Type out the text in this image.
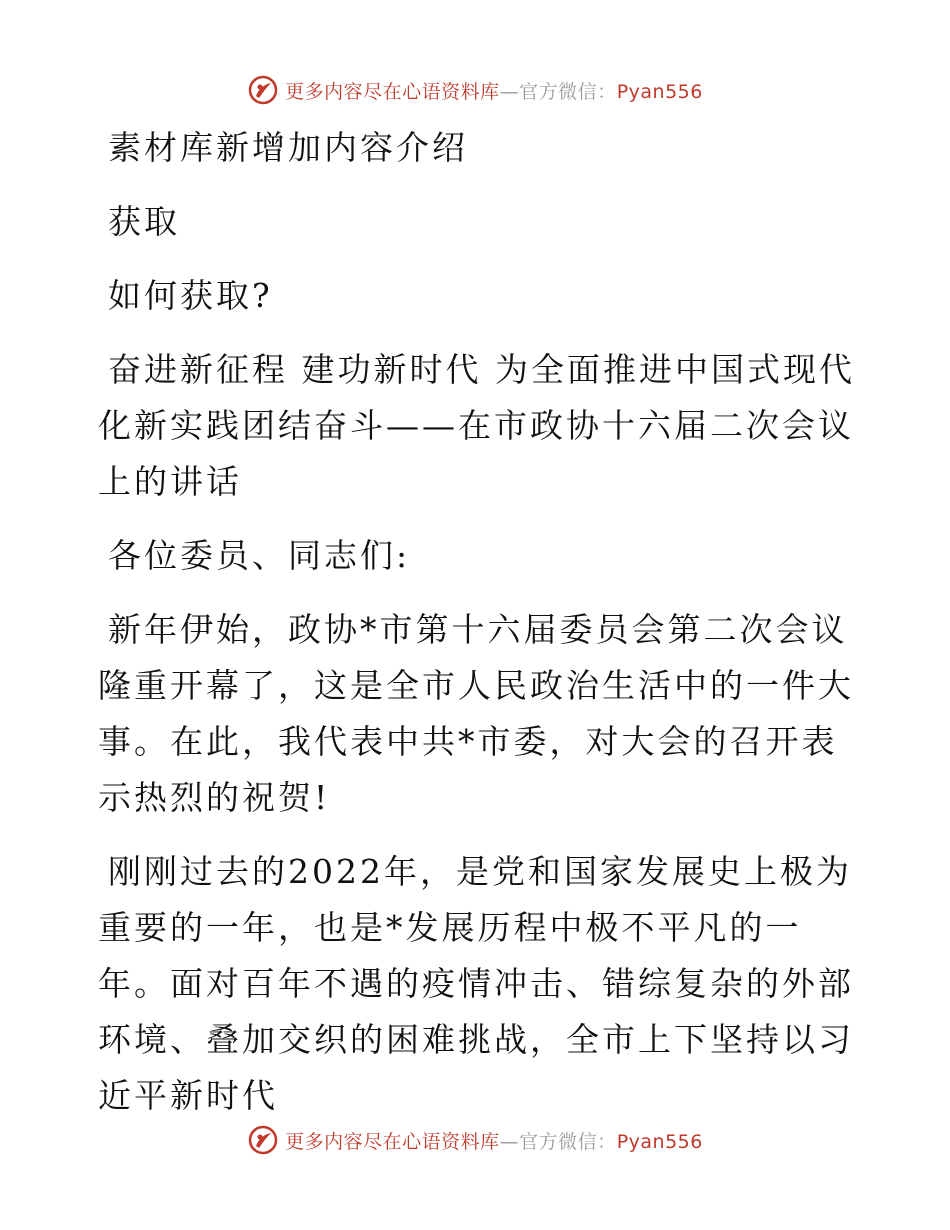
更多内容尽在心语资料库—官方微信：Pyan556

素材库新增加内容介绍

获取

如何获取?

奋进新征程 建功新时代 为全面推进中国式现代化新实践团结奋斗——在市政协十六届二次会议上的讲话

各位委员、同志们:

新年伊始，政协*市第十六届委员会第二次会议隆重开幕了，这是全市人民政治生活中的一件大事。在此，我代表中共*市委，对大会的召开表示热烈的祝贺!

刚刚过去的2022年，是党和国家发展史上极为重要的一年，也是*发展历程中极不平凡的一年。面对百年不遇的疫情冲击、错综复杂的外部环境、叠加交织的困难挑战，全市上下坚持以习近平新时代

更多内容尽在心语资料库—官方微信：Pyan556
